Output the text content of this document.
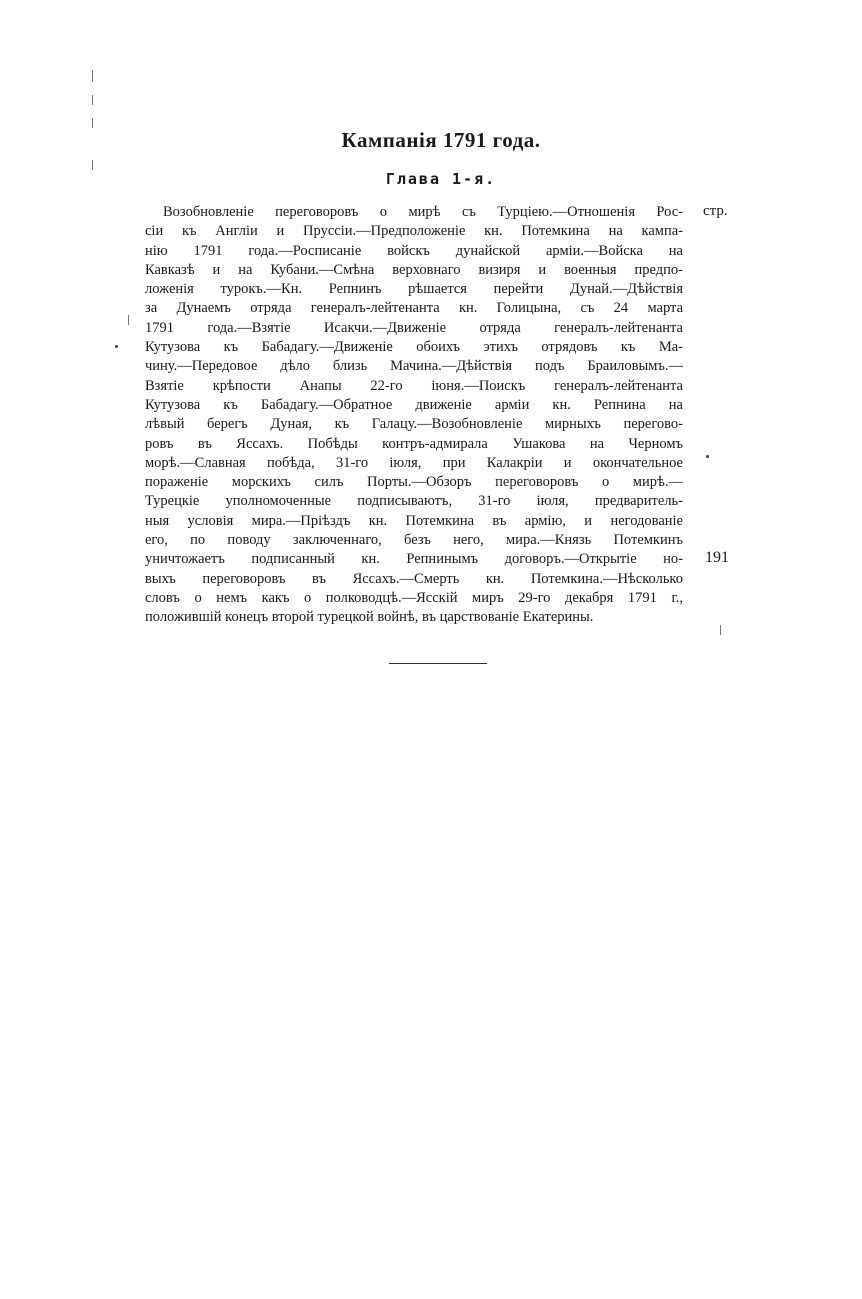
Кампанія 1791 года.
Глава 1-я.
стр.
Возобновленіе переговоровъ о мирѣ съ Турціею.—Отношенія Рос-
сіи къ Англіи и Пруссіи.—Предположеніе кн. Потемкина на кампа-
нію 1791 года.—Росписаніе войскъ дунайской арміи.—Войска на
Кавказѣ и на Кубани.—Смѣна верховнаго визиря и военныя предпо-
ложенія турокъ.—Кн. Репнинъ рѣшается перейти Дунай.—Дѣйствія
за Дунаемъ отряда генералъ-лейтенанта кн. Голицына, съ 24 марта
1791 года.—Взятіе Исакчи.—Движеніе отряда генералъ-лейтенанта
Кутузова къ Бабадагу.—Движеніе обоихъ этихъ отрядовъ къ Ма-
чину.—Передовое дѣло близь Мачина.—Дѣйствія подъ Браиловымъ.—
Взятіе крѣпости Анапы 22-го іюня.—Поискъ генералъ-лейтенанта
Кутузова къ Бабадагу.—Обратное движеніе арміи кн. Репнина на
лѣвый берегъ Дуная, къ Галацу.—Возобновленіе мирныхъ перегово-
ровъ въ Яссахъ. Побѣды контръ-адмирала Ушакова на Черномъ
морѣ.—Славная побѣда, 31-го іюля, при Калакріи и окончательное
пораженіе морскихъ силъ Порты.—Обзоръ переговоровъ о мирѣ.—
Турецкіе уполномоченные подписываютъ, 31-го іюля, предваритель-
ныя условія мира.—Пріѣздъ кн. Потемкина въ армію, и негодованіе
его, по поводу заключеннаго, безъ него, мира.—Князь Потемкинъ
уничтожаетъ подписанный кн. Репнинымъ договоръ.—Открытіе но-
выхъ переговоровъ въ Яссахъ.—Смерть кн. Потемкина.—Нѣсколько
словъ о немъ какъ о полководцѣ.—Ясскій миръ 29-го декабря 1791 г.,
положившій конецъ второй турецкой войнѣ, въ царствованіе Екатерины.
191
